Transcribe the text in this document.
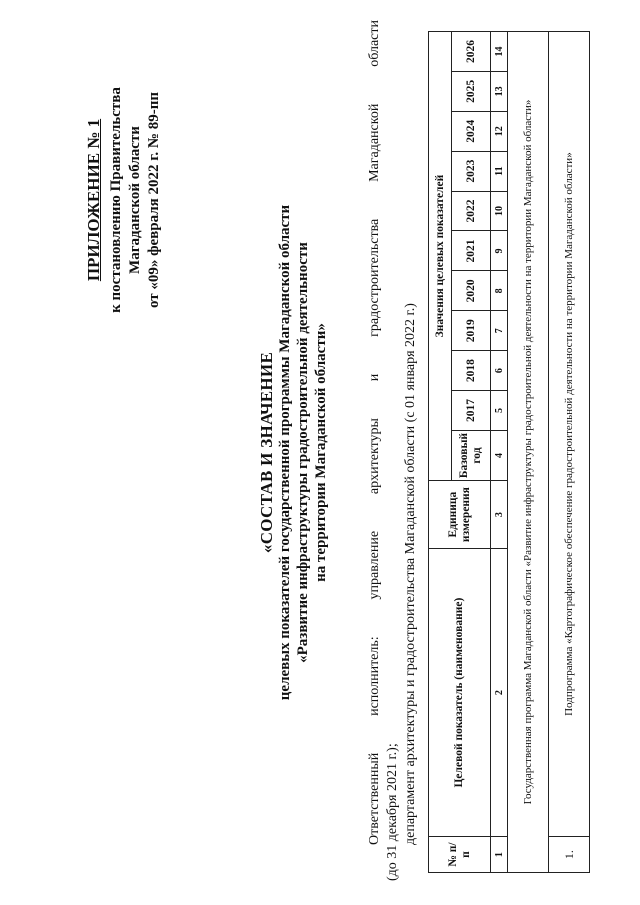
ПРИЛОЖЕНИЕ № 1 к постановлению Правительства Магаданской области от «09» февраля 2022 г. № 89-пп
«СОСТАВ И ЗНАЧЕНИЕ целевых показателей государственной программы Магаданской области «Развитие инфраструктуры градостроительной деятельности на территории Магаданской области»	Ответственный исполнитель: управление архитектуры и градостроительства Магаданской области (до 31 декабря 2021 г.); департамент архитектуры и градостроительства Магаданской области (с 01 января 2022 г.)
№ п/п	Целевой показатель (наименование)	Единица измерения	Значения целевых показателей										
			Базовый год	2017	2018	2019	2020	2021	2022	2023	2024	2025	2026
1	2	3	4	5	6	7	8	9	10	11	12	13	14
Государственная программа Магаданской области «Развитие инфраструктуры градостроительной деятельности на территории Магаданской области»													
1.	Подпрограмма «Картографическое обеспечение градостроительной деятельности на территории Магаданской области»												
